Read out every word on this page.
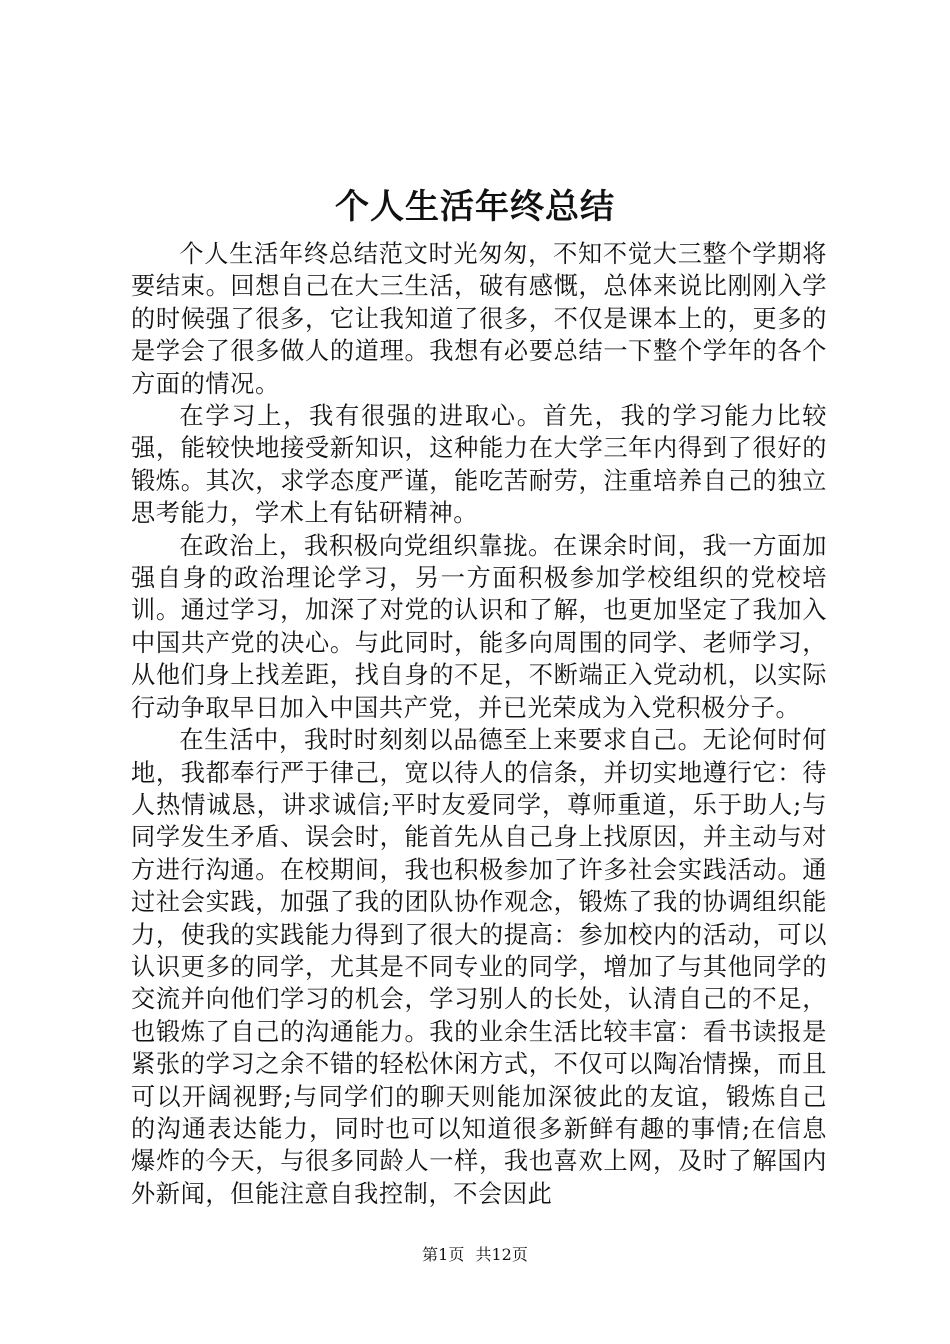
个人生活年终总结

个人生活年终总结范文时光匆匆，不知不觉大三整个学期将要结束。回想自己在大三生活，破有感慨，总体来说比刚刚入学的时候强了很多，它让我知道了很多，不仅是课本上的，更多的是学会了很多做人的道理。我想有必要总结一下整个学年的各个方面的情况。

在学习上，我有很强的进取心。首先，我的学习能力比较强，能较快地接受新知识，这种能力在大学三年内得到了很好的锻炼。其次，求学态度严谨，能吃苦耐劳，注重培养自己的独立思考能力，学术上有钻研精神。

在政治上，我积极向党组织靠拢。在课余时间，我一方面加强自身的政治理论学习，另一方面积极参加学校组织的党校培训。通过学习，加深了对党的认识和了解，也更加坚定了我加入中国共产党的决心。与此同时，能多向周围的同学、老师学习，从他们身上找差距，找自身的不足，不断端正入党动机，以实际行动争取早日加入中国共产党，并已光荣成为入党积极分子。

在生活中，我时时刻刻以品德至上来要求自己。无论何时何地，我都奉行严于律己，宽以待人的信条，并切实地遵行它：待人热情诚恳，讲求诚信;平时友爱同学，尊师重道，乐于助人;与同学发生矛盾、误会时，能首先从自己身上找原因，并主动与对方进行沟通。在校期间，我也积极参加了许多社会实践活动。通过社会实践，加强了我的团队协作观念，锻炼了我的协调组织能力，使我的实践能力得到了很大的提高：参加校内的活动，可以认识更多的同学，尤其是不同专业的同学，增加了与其他同学的交流并向他们学习的机会，学习别人的长处，认清自己的不足，也锻炼了自己的沟通能力。我的业余生活比较丰富：看书读报是紧张的学习之余不错的轻松休闲方式，不仅可以陶冶情操，而且可以开阔视野;与同学们的聊天则能加深彼此的友谊，锻炼自己的沟通表达能力，同时也可以知道很多新鲜有趣的事情;在信息爆炸的今天，与很多同龄人一样，我也喜欢上网，及时了解国内外新闻，但能注意自我控制，不会因此

第1页 共12页
